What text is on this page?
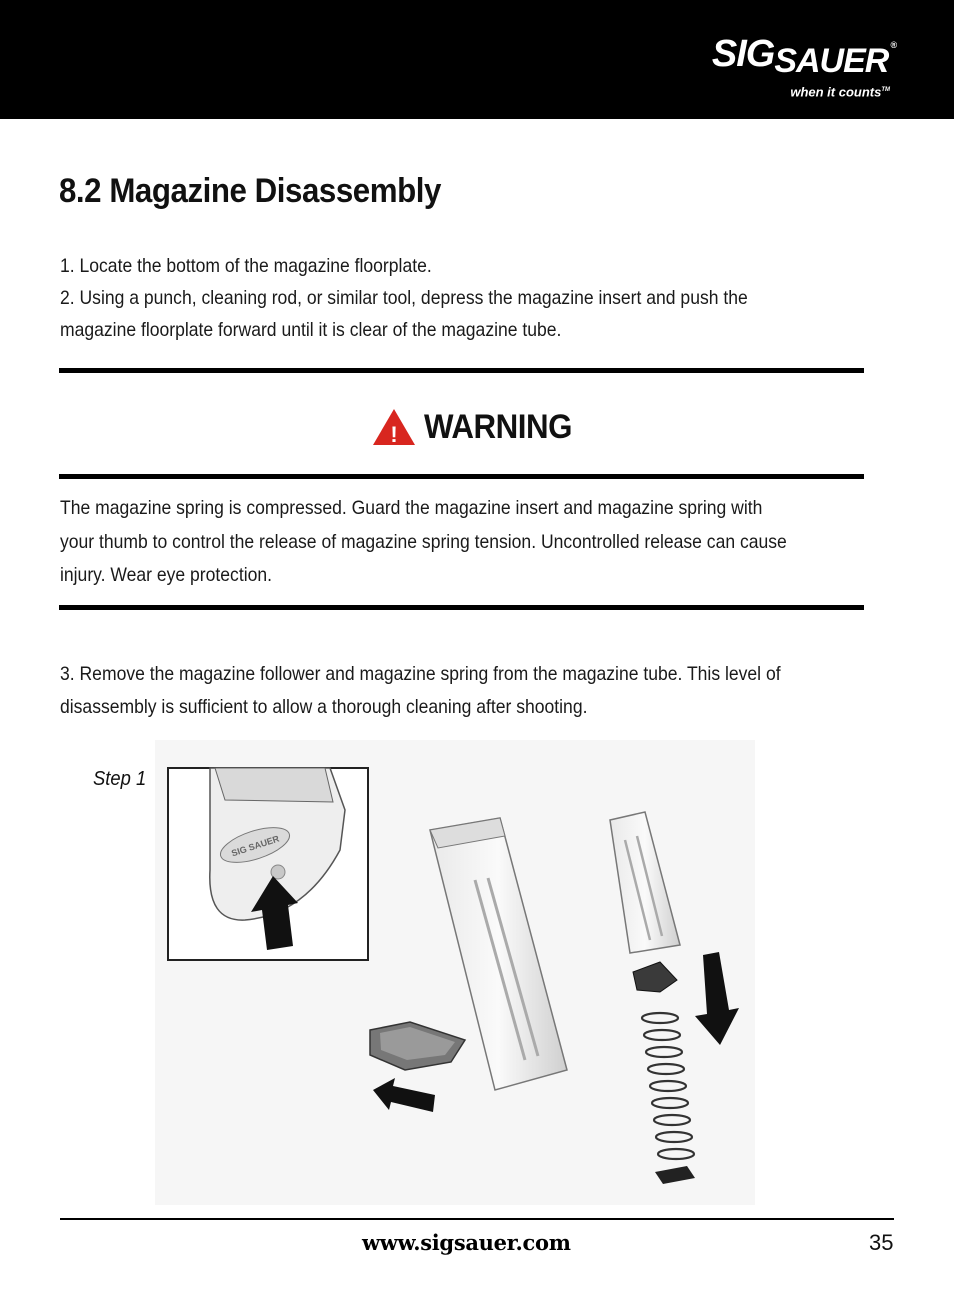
SIGSAUER ®
when it counts™
8.2 Magazine Disassembly

1. Locate the bottom of the magazine floorplate.

2. Using a punch, cleaning rod, or similar tool, depress the magazine insert and push the

magazine floorplate forward until it is clear of the magazine tube.

! WARNING

The magazine spring is compressed. Guard the magazine insert and magazine spring with

your thumb to control the release of magazine spring tension. Uncontrolled release can cause

injury. Wear eye protection.

3. Remove the magazine follower and magazine spring from the magazine tube. This level of

disassembly is sufficient to allow a thorough cleaning after shooting.

Step 1
SIG SAUER
www.sigsauer.com	35
